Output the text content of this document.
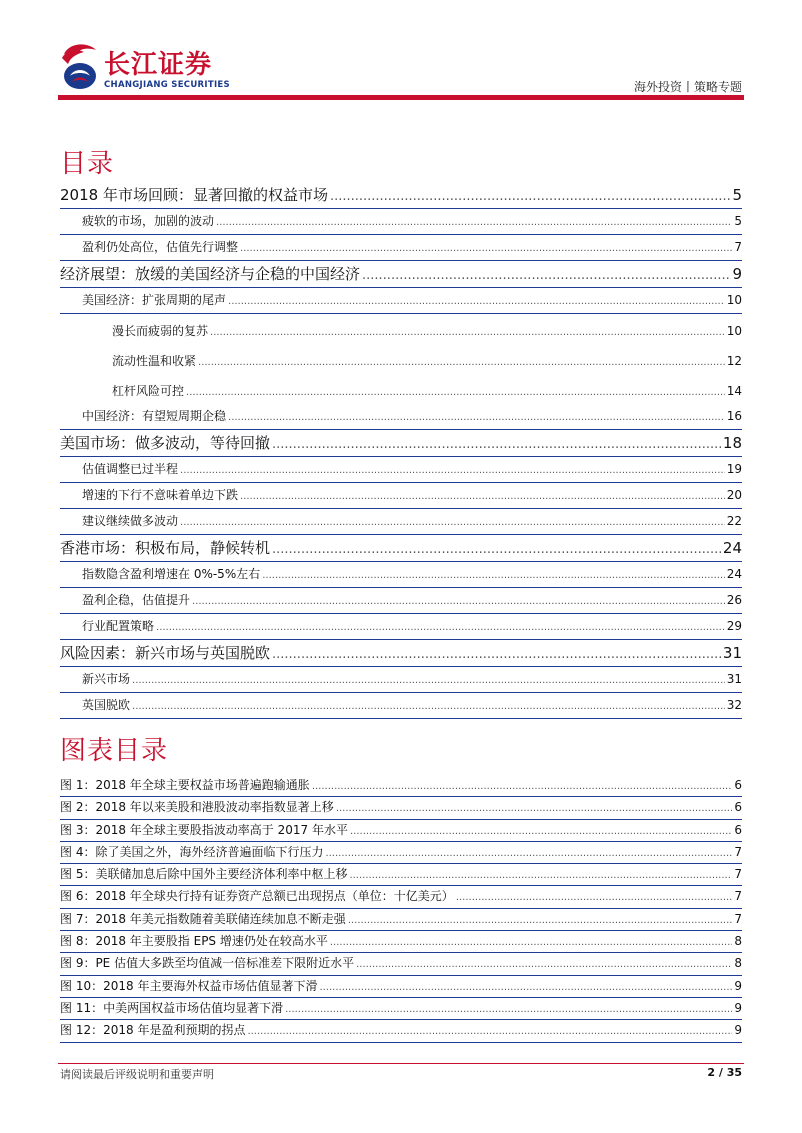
长江证券
CHANGJIANG SECURITIES	海外投资丨策略专题
目录
2018 年市场回顾：显著回撤的权益市场 .....	5
疲软的市场，加剧的波动 .....	5
盈利仍处高位，估值先行调整 .....	7
经济展望：放缓的美国经济与企稳的中国经济 .....	9
美国经济：扩张周期的尾声 .....	10
漫长而疲弱的复苏 .....	10
流动性温和收紧 .....	12
杠杆风险可控 .....	14
中国经济：有望短周期企稳 .....	16
美国市场：做多波动，等待回撤 .....	18
估值调整已过半程 .....	19
增速的下行不意味着单边下跌 .....	20
建议继续做多波动 .....	22
香港市场：积极布局，静候转机 .....	24
指数隐含盈利增速在 0%-5%左右 .....	24
盈利企稳，估值提升 .....	26
行业配置策略 .....	29
风险因素：新兴市场与英国脱欧 .....	31
新兴市场 .....	31
英国脱欧 .....	32
图表目录
图 1：2018 年全球主要权益市场普遍跑输通胀 .....	6
图 2：2018 年以来美股和港股波动率指数显著上移 .....	6
图 3：2018 年全球主要股指波动率高于 2017 年水平 .....	6
图 4：除了美国之外，海外经济普遍面临下行压力 .....	7
图 5：美联储加息后除中国外主要经济体利率中枢上移 .....	7
图 6：2018 年全球央行持有证券资产总额已出现拐点（单位：十亿美元） .....	7
图 7：2018 年美元指数随着美联储连续加息不断走强 .....	7
图 8：2018 年主要股指 EPS 增速仍处在较高水平 .....	8
图 9：PE 估值大多跌至均值减一倍标准差下限附近水平 .....	8
图 10：2018 年主要海外权益市场估值显著下滑 .....	9
图 11：中美两国权益市场估值均显著下滑 .....	9
图 12：2018 年是盈利预期的拐点 .....	9
请阅读最后评级说明和重要声明	2 / 35
